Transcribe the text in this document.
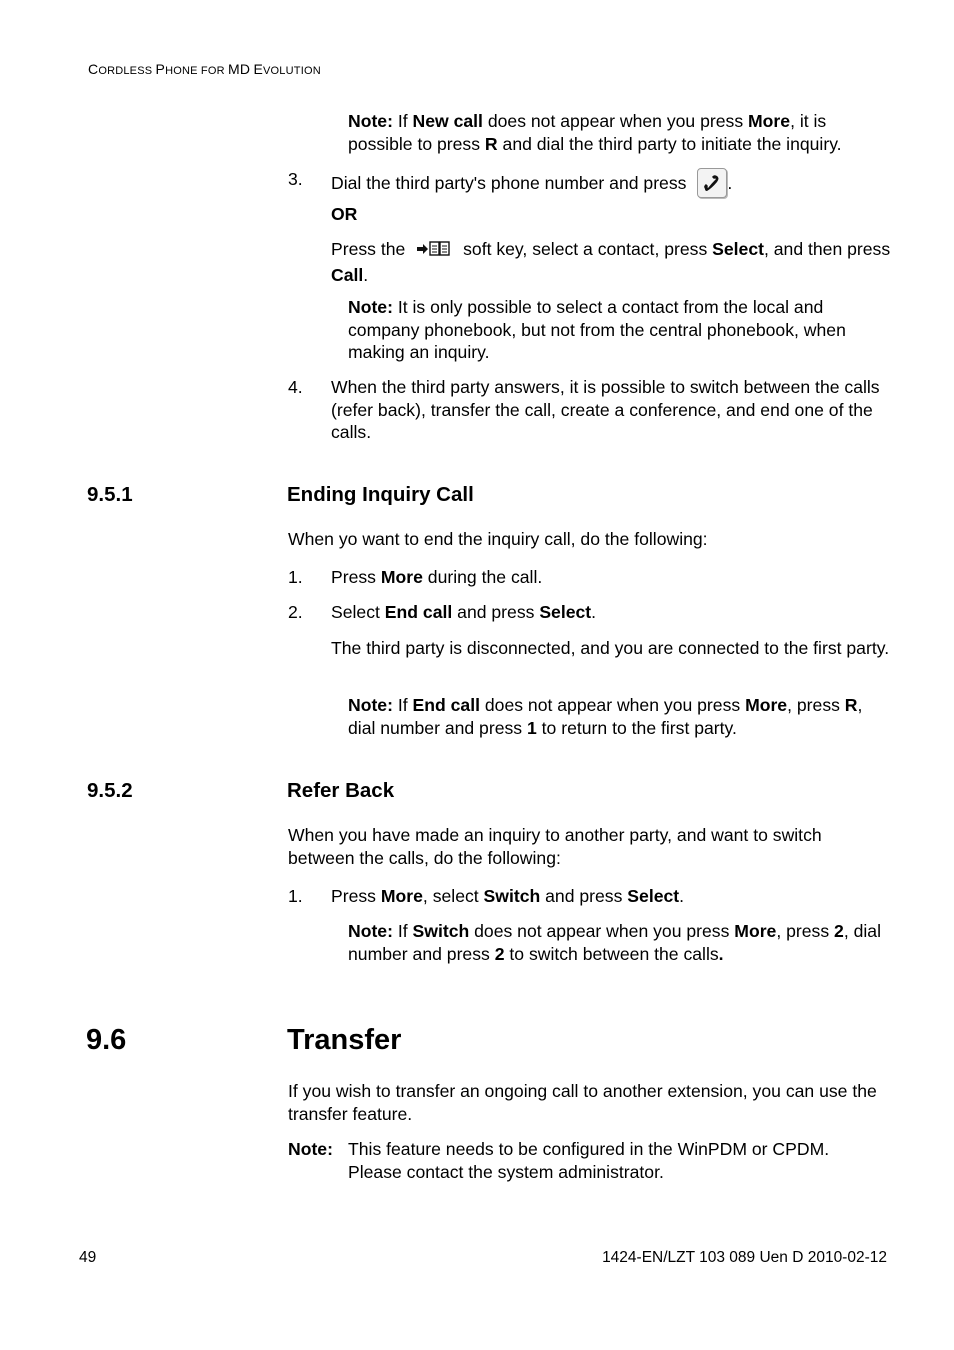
CORDLESS PHONE FOR MD EVOLUTION
Note: If New call does not appear when you press More, it is possible to press R and dial the third party to initiate the inquiry.
3. Dial the third party's phone number and press .
OR
Press the	soft key, select a contact, press Select, and then press Call.
Note: It is only possible to select a contact from the local and company phonebook, but not from the central phonebook, when making an inquiry.
4. When the third party answers, it is possible to switch between the calls (refer back), transfer the call, create a conference, and end one of the calls.
9.5.1	Ending Inquiry Call
When yo want to end the inquiry call, do the following:
1. Press More during the call.
2. Select End call and press Select.
The third party is disconnected, and you are connected to the first party.
Note: If End call does not appear when you press More, press R, dial number and press 1 to return to the first party.
9.5.2	Refer Back
When you have made an inquiry to another party, and want to switch between the calls, do the following:
1. Press More, select Switch and press Select.
Note: If Switch does not appear when you press More, press 2, dial number and press 2 to switch between the calls.
9.6	Transfer
If you wish to transfer an ongoing call to another extension, you can use the transfer feature.
Note: This feature needs to be configured in the WinPDM or CPDM.
Please contact the system administrator.
49	1424-EN/LZT 103 089 Uen D 2010-02-12
